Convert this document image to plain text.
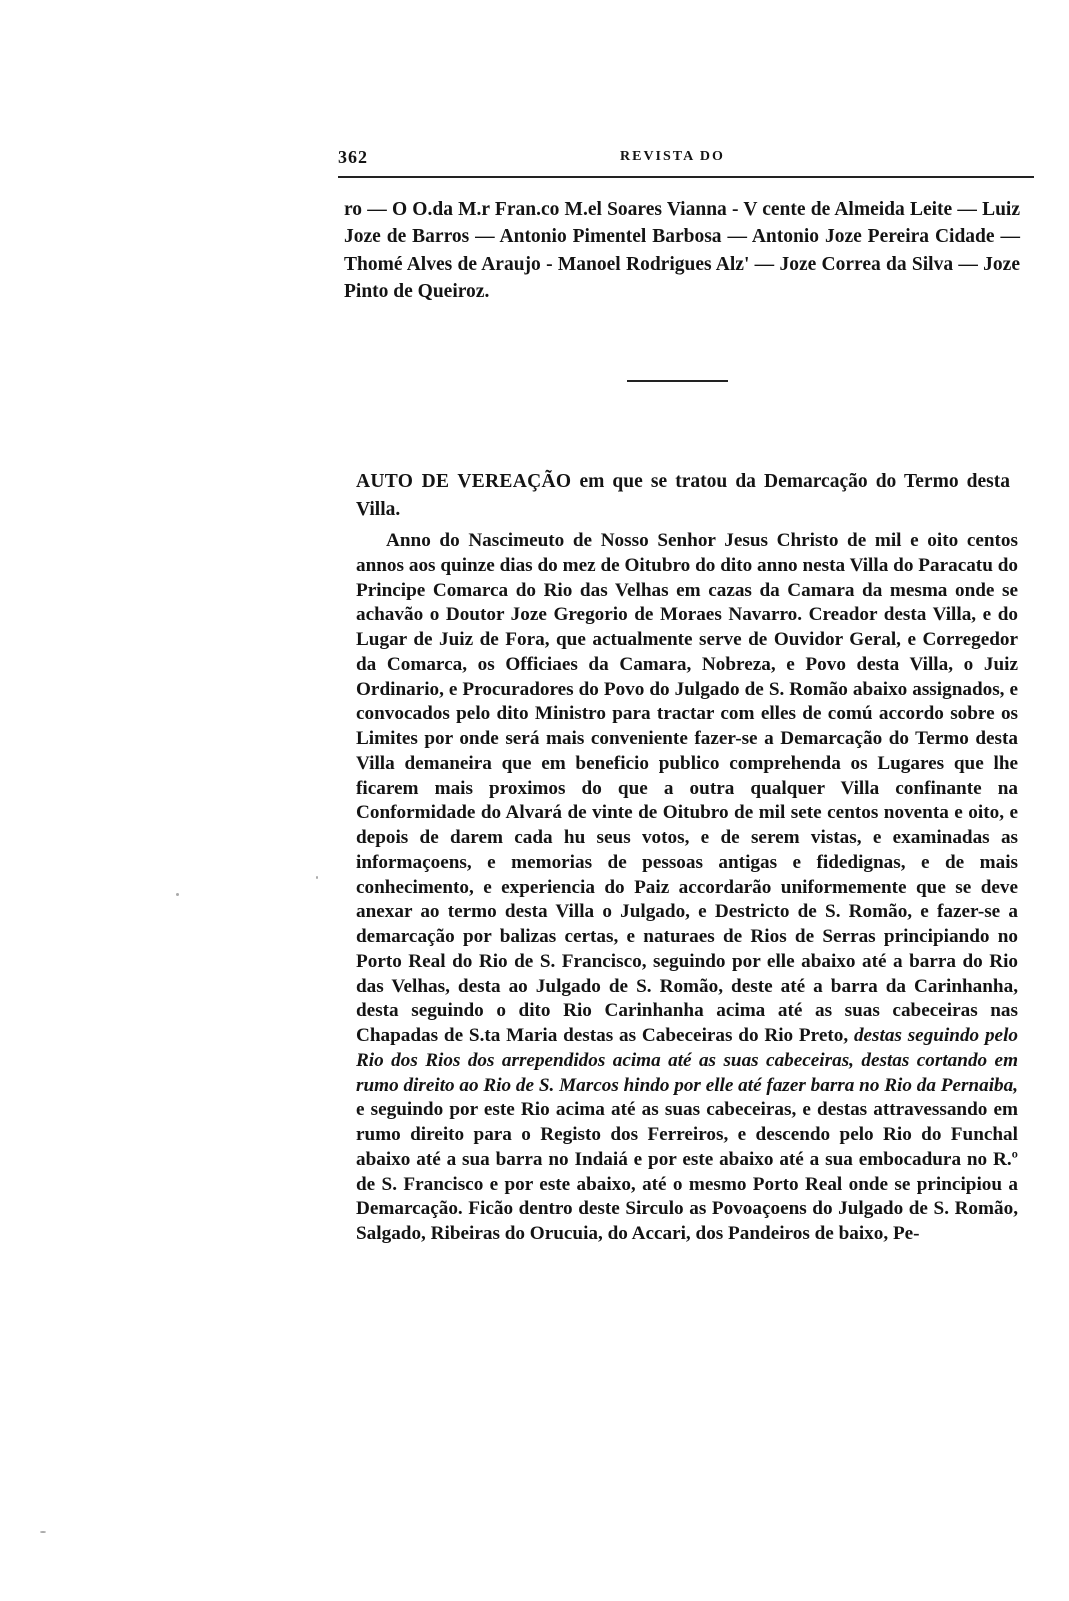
362	REVISTA DO

ro — O O.da M.r Fran.co M.el Soares Vianna - V cente de Almeida Leite — Luiz Joze de Barros — Antonio Pimentel Barbosa — Antonio Joze Pereira Cidade — Thomé Alves de Araujo - Manoel Rodrigues Alz' — Joze Correa da Silva — Joze Pinto de Queiroz.

AUTO DE VEREAÇÃO em que se tratou da Demarcação do Termo desta Villa.

Anno do Nascimeuto de Nosso Senhor Jesus Christo de mil e oito centos annos aos quinze dias do mez de Oitubro do dito anno nesta Villa do Paracatu do Principe Comarca do Rio das Velhas em cazas da Camara da mesma onde se achavão o Doutor Joze Gregorio de Moraes Navarro. Creador desta Villa, e do Lugar de Juiz de Fora, que actualmente serve de Ouvidor Geral, e Corregedor da Comarca, os Officiaes da Camara, Nobreza, e Povo desta Villa, o Juiz Ordinario, e Procuradores do Povo do Julgado de S. Romão abaixo assignados, e convocados pelo dito Ministro para tractar com elles de comú accordo sobre os Limites por onde será mais conveniente fazer-se a Demarcação do Termo desta Villa demaneira que em beneficio publico comprehenda os Lugares que lhe ficarem mais proximos do que a outra qualquer Villa confinante na Conformidade do Alvará de vinte de Oitubro de mil sete centos noventa e oito, e depois de darem cada hu seus votos, e de serem vistas, e examinadas as informaçoens, e memorias de pessoas antigas e fidedignas, e de mais conhecimento, e experiencia do Paiz accordarão uniformemente que se deve anexar ao termo desta Villa o Julgado, e Destricto de S. Romão, e fazer-se a demarcação por balizas certas, e naturaes de Rios de Serras principiando no Porto Real do Rio de S. Francisco, seguindo por elle abaixo até a barra do Rio das Velhas, desta ao Julgado de S. Romão, deste até a barra da Carinhanha, desta seguindo o dito Rio Carinhanha acima até as suas cabeceiras nas Chapadas de S.ta Maria destas as Cabeceiras do Rio Preto, destas seguindo pelo Rio dos Rios dos arrependidos acima até as suas cabeceiras, destas cortando em rumo direito ao Rio de S. Marcos hindo por elle até fazer barra no Rio da Pernaiba, e seguindo por este Rio acima até as suas cabeceiras, e destas attravessando em rumo direito para o Registo dos Ferreiros, e descendo pelo Rio do Funchal abaixo até a sua barra no Indaiá e por este abaixo até a sua embocadura no R.º de S. Francisco e por este abaixo, até o mesmo Porto Real onde se principiou a Demarcação. Ficão dentro deste Sirculo as Povoaçoens do Julgado de S. Romão, Salgado, Ribeiras do Orucuia, do Accari, dos Pandeiros de baixo, Pe-
